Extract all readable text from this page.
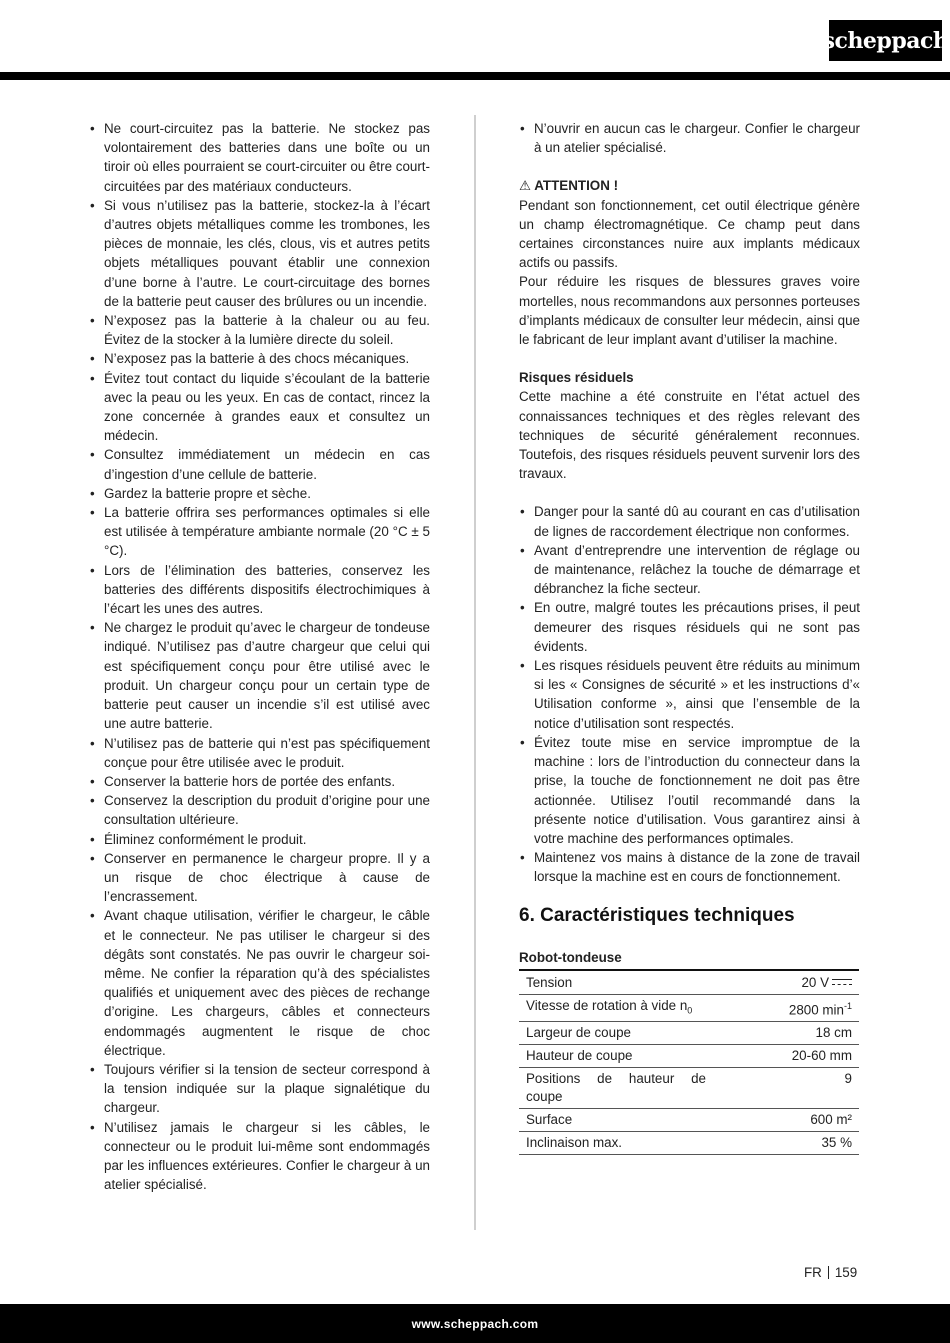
scheppach
• Ne court-circuitez pas la batterie. Ne stockez pas volontairement des batteries dans une boîte ou un tiroir où elles pourraient se court-circuiter ou être court-circuitées par des matériaux conducteurs.
• Si vous n’utilisez pas la batterie, stockez-la à l’écart d’autres objets métalliques comme les trombones, les pièces de monnaie, les clés, clous, vis et autres petits objets métalliques pouvant établir une connexion d’une borne à l’autre. Le court-circuitage des bornes de la batterie peut causer des brûlures ou un incendie.
• N’exposez pas la batterie à la chaleur ou au feu. Évitez de la stocker à la lumière directe du soleil.
• N’exposez pas la batterie à des chocs mécaniques.
• Évitez tout contact du liquide s’écoulant de la batterie avec la peau ou les yeux. En cas de contact, rincez la zone concernée à grandes eaux et consultez un médecin.
• Consultez immédiatement un médecin en cas d’ingestion d’une cellule de batterie.
• Gardez la batterie propre et sèche.
• La batterie offrira ses performances optimales si elle est utilisée à température ambiante normale (20 °C ± 5 °C).
• Lors de l’élimination des batteries, conservez les batteries des différents dispositifs électrochimiques à l’écart les unes des autres.
• Ne chargez le produit qu’avec le chargeur de tondeuse indiqué. N’utilisez pas d’autre chargeur que celui qui est spécifiquement conçu pour être utilisé avec le produit. Un chargeur conçu pour un certain type de batterie peut causer un incendie s’il est utilisé avec une autre batterie.
• N’utilisez pas de batterie qui n’est pas spécifiquement conçue pour être utilisée avec le produit.
• Conserver la batterie hors de portée des enfants.
• Conservez la description du produit d’origine pour une consultation ultérieure.
• Éliminez conformément le produit.
• Conserver en permanence le chargeur propre. Il y a un risque de choc électrique à cause de l’encrassement.
• Avant chaque utilisation, vérifier le chargeur, le câble et le connecteur. Ne pas utiliser le chargeur si des dégâts sont constatés. Ne pas ouvrir le chargeur soi-même. Ne confier la réparation qu’à des spécialistes qualifiés et uniquement avec des pièces de rechange d’origine. Les chargeurs, câbles et connecteurs endommagés augmentent le risque de choc électrique.
• Toujours vérifier si la tension de secteur correspond à la tension indiquée sur la plaque signalétique du chargeur.
• N’utilisez jamais le chargeur si les câbles, le connecteur ou le produit lui-même sont endommagés par les influences extérieures. Confier le chargeur à un atelier spécialisé.
• N’ouvrir en aucun cas le chargeur. Confier le chargeur à un atelier spécialisé.

⚠ ATTENTION !

Pendant son fonctionnement, cet outil électrique génère un champ électromagnétique. Ce champ peut dans certaines circonstances nuire aux implants médicaux actifs ou passifs.

Pour réduire les risques de blessures graves voire mortelles, nous recommandons aux personnes porteuses d’implants médicaux de consulter leur médecin, ainsi que le fabricant de leur implant avant d’utiliser la machine.

Risques résiduels

Cette machine a été construite en l’état actuel des connaissances techniques et des règles relevant des techniques de sécurité généralement reconnues. Toutefois, des risques résiduels peuvent survenir lors des travaux.

• Danger pour la santé dû au courant en cas d’utilisation de lignes de raccordement électrique non conformes.
• Avant d’entreprendre une intervention de réglage ou de maintenance, relâchez la touche de démarrage et débranchez la fiche secteur.
• En outre, malgré toutes les précautions prises, il peut demeurer des risques résiduels qui ne sont pas évidents.
• Les risques résiduels peuvent être réduits au minimum si les « Consignes de sécurité » et les instructions d’« Utilisation conforme », ainsi que l’ensemble de la notice d’utilisation sont respectés.
• Évitez toute mise en service impromptue de la machine : lors de l’introduction du connecteur dans la prise, la touche de fonctionnement ne doit pas être actionnée. Utilisez l’outil recommandé dans la présente notice d’utilisation. Vous garantirez ainsi à votre machine des performances optimales.
• Maintenez vos mains à distance de la zone de travail lorsque la machine est en cours de fonctionnement.
6. Caractéristiques techniques
Robot-tondeuse
Tension	20 V
Vitesse de rotation à vide $n_0$	2800 $\min^{-1}$
Largeur de coupe	18 cm
Hauteur de coupe	20-60 mm
Positions de hauteur de coupe	9
Surface	600 m²
Inclinaison max.	35 %
FR 159
www.scheppach.com
